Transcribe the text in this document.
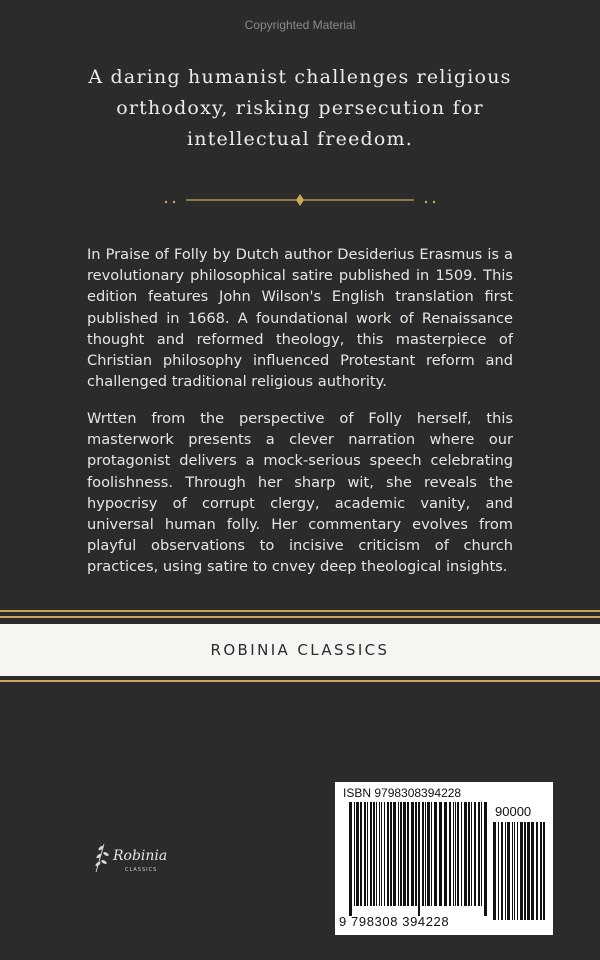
Copyrighted Material
A daring humanist challenges religious orthodoxy, risking persecution for intellectual freedom.
In Praise of Folly by Dutch author Desiderius Erasmus is a revolutionary philosophical satire published in 1509. This edition features John Wilson's English translation first published in 1668. A foundational work of Renaissance thought and reformed theology, this masterpiece of Christian philosophy influenced Protestant reform and challenged traditional religious authority.
Wrtten from the perspective of Folly herself, this masterwork presents a clever narration where our protagonist delivers a mock-serious speech celebrating foolishness. Through her sharp wit, she reveals the hypocrisy of corrupt clergy, academic vanity, and universal human folly. Her commentary evolves from playful observations to incisive criticism of church practices, using satire to cnvey deep theological insights.
ROBINIA CLASSICS
Robinia
CLASSICS
ISBN 9798308394228
90000
9 798308 394228
